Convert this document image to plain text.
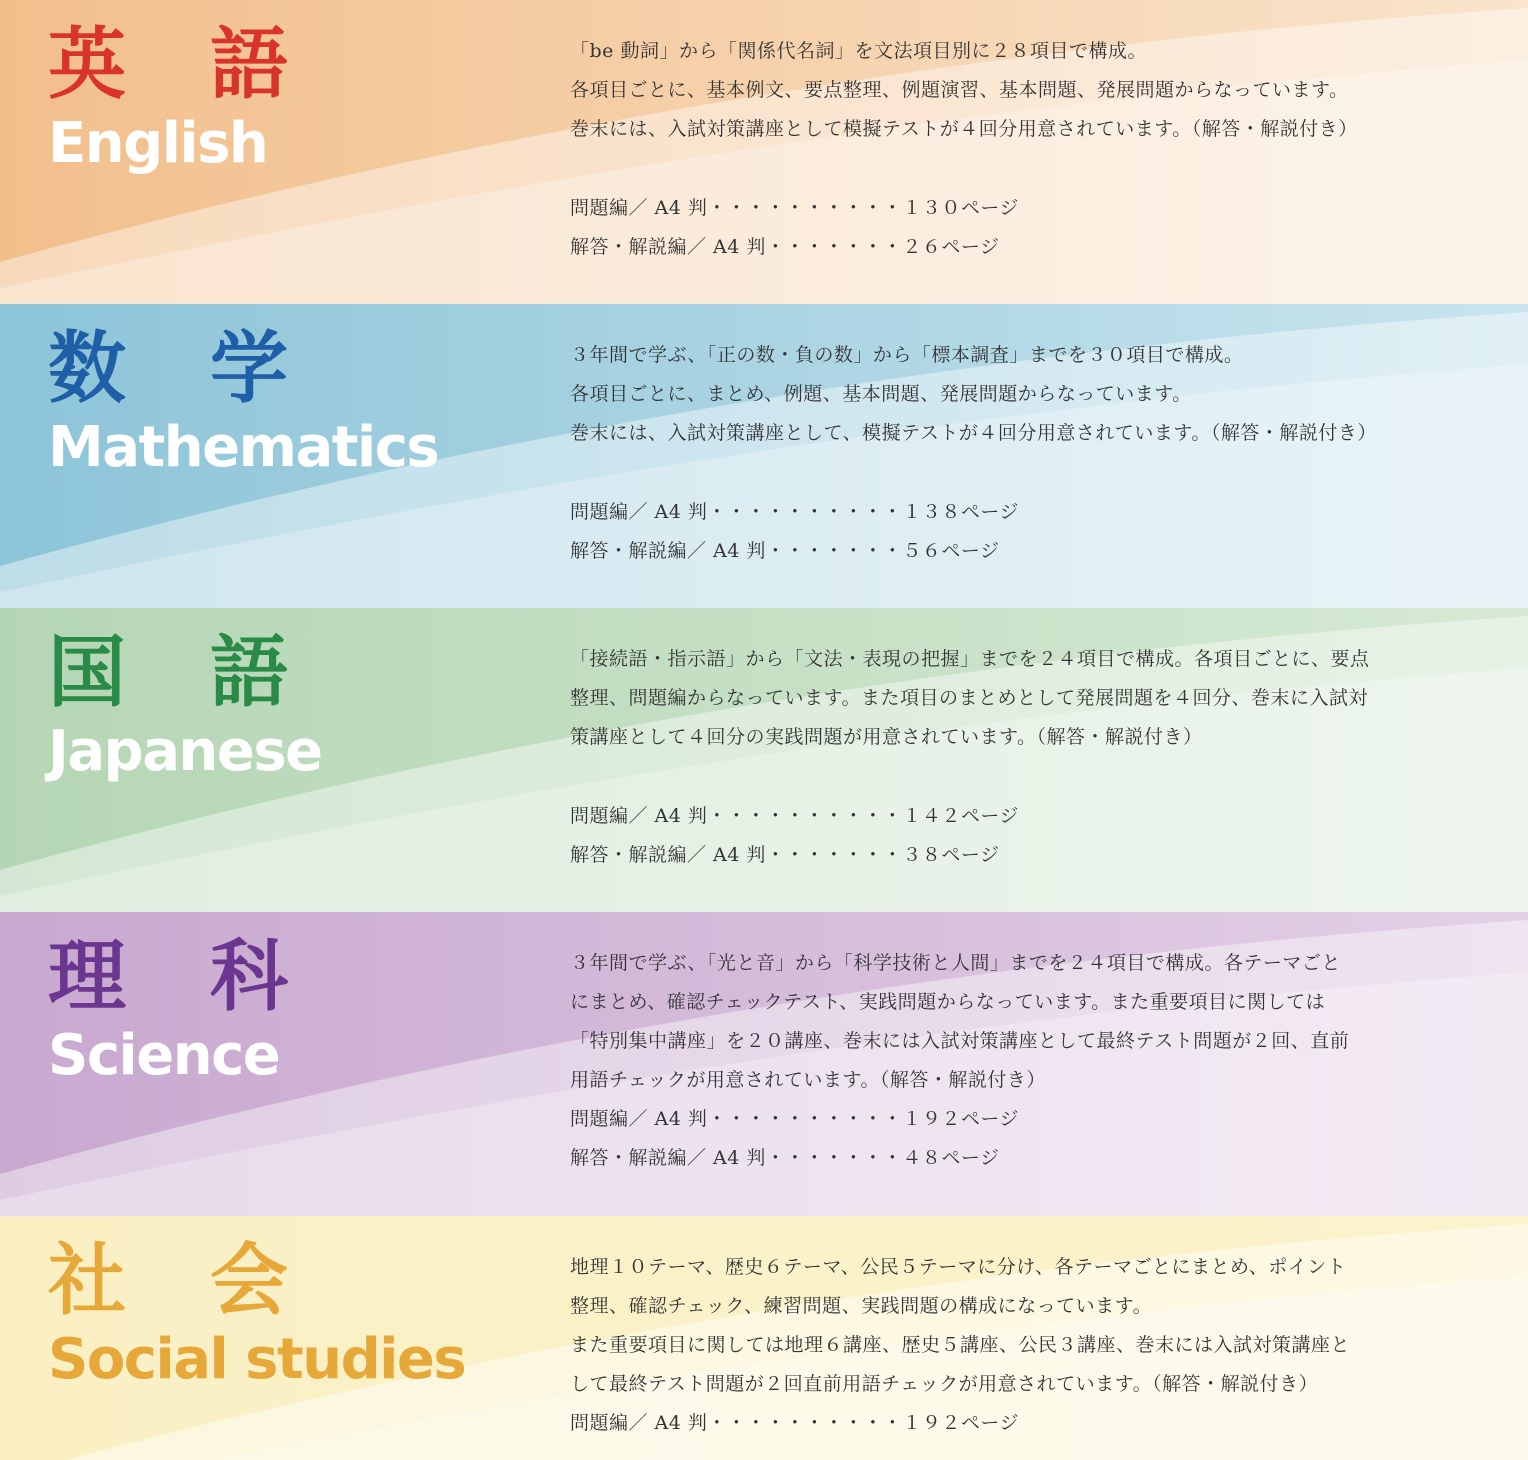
英 語
English

「be 動詞」から「関係代名詞」を文法項目別に２８項目で構成。

各項目ごとに、基本例文、要点整理、例題演習、基本問題、発展問題からなっています。

巻末には、入試対策講座として模擬テストが４回分用意されています。（解答・解説付き）

問題編／ A4 判・・・・・・・・・・１３０ページ

解答・解説編／ A4 判・・・・・・・２６ページ

数 学
Mathematics

３年間で学ぶ、「正の数・負の数」から「標本調査」までを３０項目で構成。

各項目ごとに、まとめ、例題、基本問題、発展問題からなっています。

巻末には、入試対策講座として、模擬テストが４回分用意されています。（解答・解説付き）

問題編／ A4 判・・・・・・・・・・１３８ページ

解答・解説編／ A4 判・・・・・・・５６ページ

国 語
Japanese

「接続語・指示語」から「文法・表現の把握」までを２４項目で構成。各項目ごとに、要点

整理、問題編からなっています。また項目のまとめとして発展問題を４回分、巻末に入試対

策講座として４回分の実践問題が用意されています。（解答・解説付き）

問題編／ A4 判・・・・・・・・・・１４２ページ

解答・解説編／ A4 判・・・・・・・３８ページ

理 科
Science

３年間で学ぶ、「光と音」から「科学技術と人間」までを２４項目で構成。各テーマごと

にまとめ、確認チェックテスト、実践問題からなっています。また重要項目に関しては

「特別集中講座」を２０講座、巻末には入試対策講座として最終テスト問題が２回、直前

用語チェックが用意されています。（解答・解説付き）

問題編／ A4 判・・・・・・・・・・１９２ページ

解答・解説編／ A4 判・・・・・・・４８ページ

社 会
Social studies

地理１０テーマ、歴史６テーマ、公民５テーマに分け、各テーマごとにまとめ、ポイント

整理、確認チェック、練習問題、実践問題の構成になっています。

また重要項目に関しては地理６講座、歴史５講座、公民３講座、巻末には入試対策講座と

して最終テスト問題が２回直前用語チェックが用意されています。（解答・解説付き）

問題編／ A4 判・・・・・・・・・・１９２ページ
